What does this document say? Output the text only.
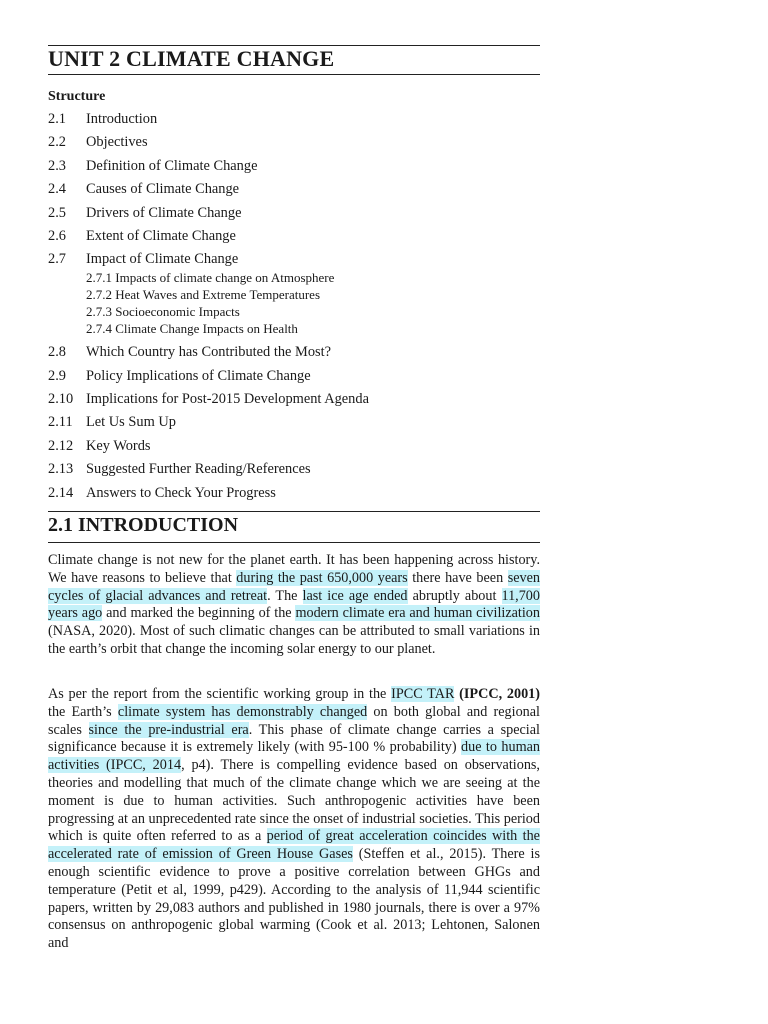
UNIT 2 CLIMATE CHANGE
Structure
2.1 Introduction
2.2 Objectives
2.3 Definition of Climate Change
2.4 Causes of Climate Change
2.5 Drivers of Climate Change
2.6 Extent of Climate Change
2.7 Impact of Climate Change
2.7.1 Impacts of climate change on Atmosphere
2.7.2 Heat Waves and Extreme Temperatures
2.7.3 Socioeconomic Impacts
2.7.4 Climate Change Impacts on Health
2.8 Which Country has Contributed the Most?
2.9 Policy Implications of Climate Change
2.10 Implications for Post-2015 Development Agenda
2.11 Let Us Sum Up
2.12 Key Words
2.13 Suggested Further Reading/References
2.14 Answers to Check Your Progress
2.1 INTRODUCTION
Climate change is not new for the planet earth. It has been happening across history. We have reasons to believe that during the past 650,000 years there have been seven cycles of glacial advances and retreat. The last ice age ended abruptly about 11,700 years ago and marked the beginning of the modern climate era and human civilization (NASA, 2020). Most of such climatic changes can be attributed to small variations in the earth’s orbit that change the incoming solar energy to our planet.
As per the report from the scientific working group in the IPCC TAR (IPCC, 2001) the Earth’s climate system has demonstrably changed on both global and regional scales since the pre-industrial era. This phase of climate change carries a special significance because it is extremely likely (with 95-100 % probability) due to human activities (IPCC, 2014, p4). There is compelling evidence based on observations, theories and modelling that much of the climate change which we are seeing at the moment is due to human activities. Such anthropogenic activities have been progressing at an unprecedented rate since the onset of industrial societies. This period which is quite often referred to as a period of great acceleration coincides with the accelerated rate of emission of Green House Gases (Steffen et al., 2015). There is enough scientific evidence to prove a positive correlation between GHGs and temperature (Petit et al, 1999, p429). According to the analysis of 11,944 scientific papers, written by 29,083 authors and published in 1980 journals, there is over a 97% consensus on anthropogenic global warming (Cook et al. 2013; Lehtonen, Salonen and
